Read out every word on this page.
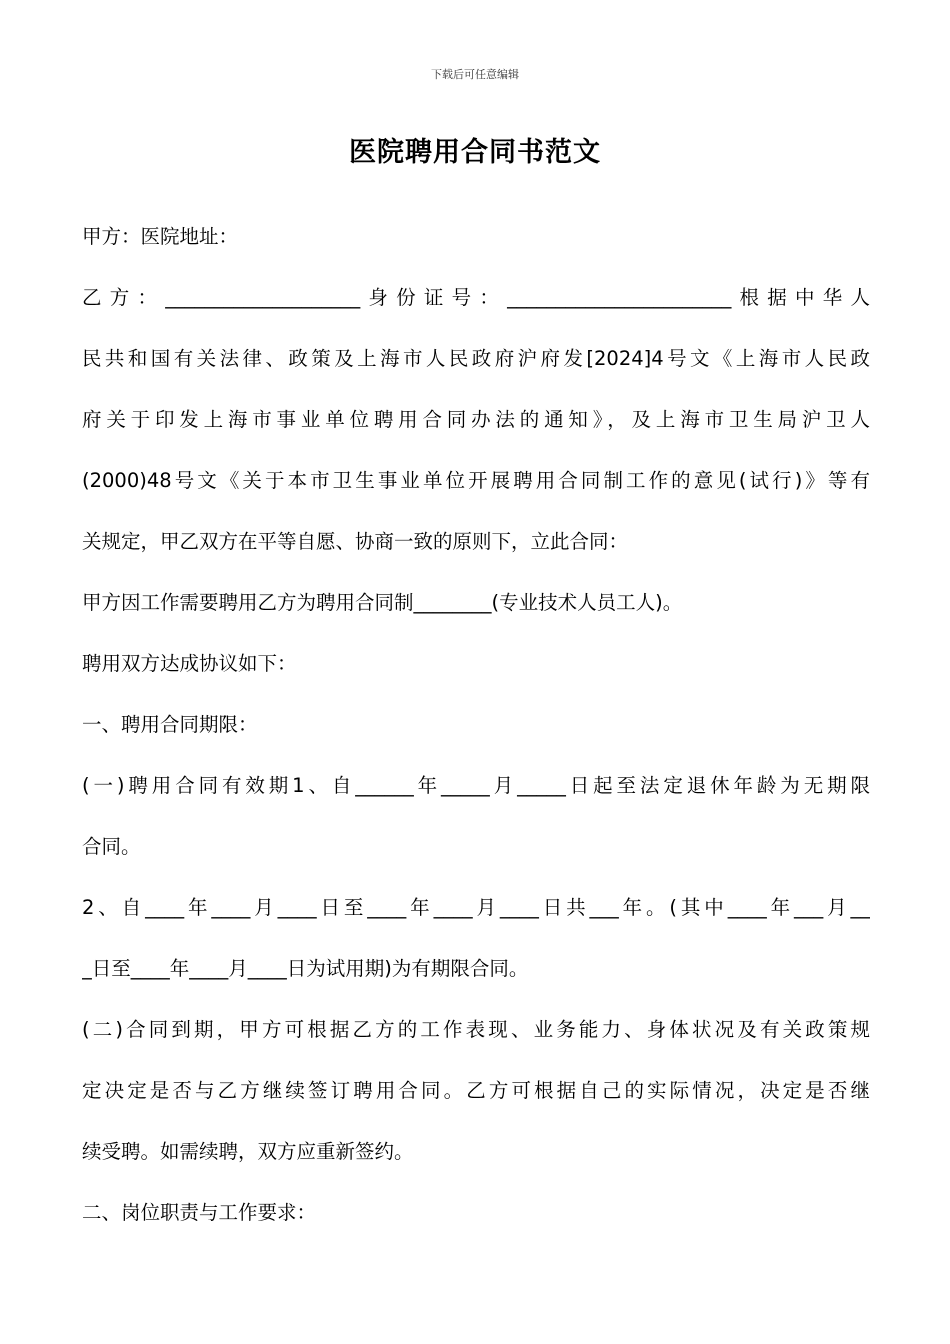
下载后可任意编辑
医院聘用合同书范文
甲方：医院地址：
乙方：____________________身份证号：_______________________根据中华人
民共和国有关法律、政策及上海市人民政府沪府发[2024]4号文《上海市人民政
府关于印发上海市事业单位聘用合同办法的通知》，及上海市卫生局沪卫人
(2000)48号文《关于本市卫生事业单位开展聘用合同制工作的意见(试行)》等有
关规定，甲乙双方在平等自愿、协商一致的原则下，立此合同：
甲方因工作需要聘用乙方为聘用合同制________(专业技术人员工人)。
聘用双方达成协议如下：
一、聘用合同期限：
(一)聘用合同有效期1、自______年_____月_____日起至法定退休年龄为无期限
合同。
2、自____年____月____日至____年____月____日共___年。(其中____年___月__
_日至____年____月____日为试用期)为有期限合同。
(二)合同到期，甲方可根据乙方的工作表现、业务能力、身体状况及有关政策规
定决定是否与乙方继续签订聘用合同。乙方可根据自己的实际情况，决定是否继
续受聘。如需续聘，双方应重新签约。
二、岗位职责与工作要求：
